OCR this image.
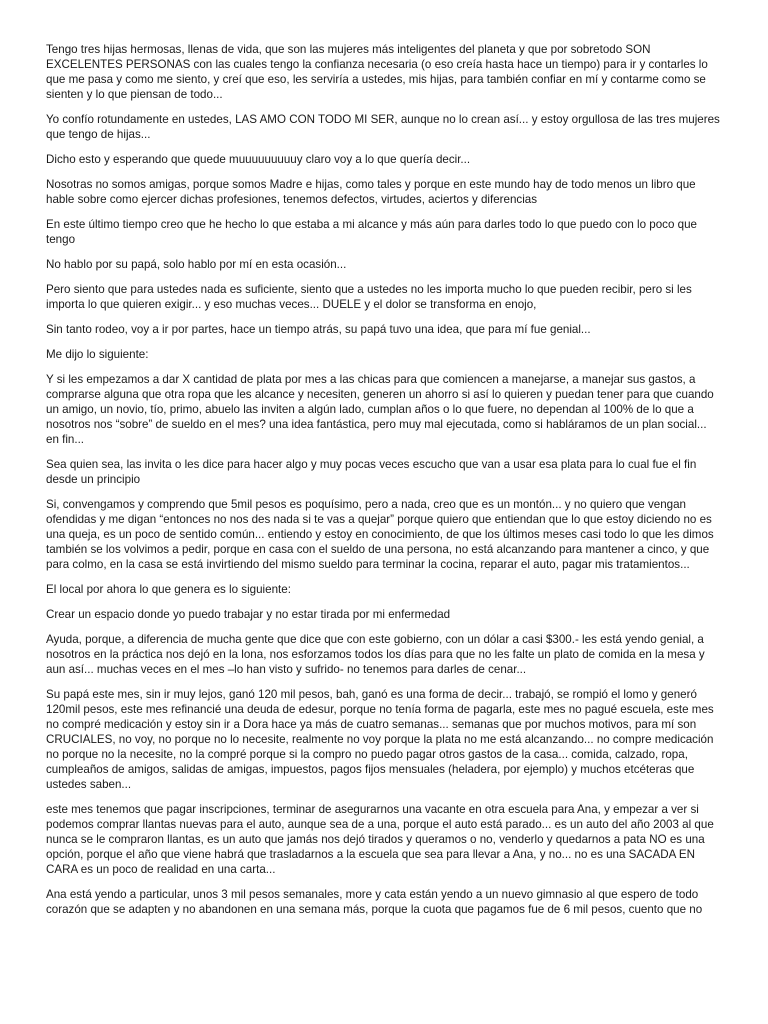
Tengo tres hijas hermosas, llenas de vida, que son las mujeres más inteligentes del planeta y que por sobretodo SON EXCELENTES PERSONAS con las cuales tengo la confianza necesaria (o eso creía hasta hace un tiempo) para ir y contarles lo que me pasa y como me siento, y creí que eso, les serviría a ustedes, mis hijas, para también confiar en mí y contarme como se sienten y lo que piensan de todo...

Yo confío rotundamente en ustedes, LAS AMO CON TODO MI SER, aunque no lo crean así... y estoy orgullosa de las tres mujeres que tengo de hijas...

Dicho esto y esperando que quede muuuuuuuuuy claro voy a lo que quería decir...

Nosotras no somos amigas, porque somos Madre e hijas, como tales y porque en este mundo hay de todo menos un libro que hable sobre como ejercer dichas profesiones, tenemos defectos, virtudes, aciertos y diferencias

En este último tiempo creo que he hecho lo que estaba a mi alcance y más aún para darles todo lo que puedo con lo poco que tengo

No hablo por su papá, solo hablo por mí en esta ocasión...

Pero siento que para ustedes nada es suficiente, siento que a ustedes no les importa mucho lo que pueden recibir, pero si les importa lo que quieren exigir... y eso muchas veces... DUELE y el dolor se transforma en enojo,

Sin tanto rodeo, voy a ir por partes, hace un tiempo atrás, su papá tuvo una idea, que para mí fue genial...

Me dijo lo siguiente:

Y si les empezamos a dar X cantidad de plata por mes a las chicas para que comiencen a manejarse, a manejar sus gastos, a comprarse alguna que otra ropa que les alcance y necesiten, generen un ahorro si así lo quieren y puedan tener para que cuando un amigo, un novio, tío, primo, abuelo las inviten a algún lado, cumplan años o lo que fuere, no dependan al 100% de lo que a nosotros nos “sobre” de sueldo en el mes? una idea fantástica, pero muy mal ejecutada, como si habláramos de un plan social... en fin...

Sea quien sea, las invita o les dice para hacer algo y muy pocas veces escucho que van a usar esa plata para lo cual fue el fin desde un principio

Si, convengamos y comprendo que 5mil pesos es poquísimo, pero a nada, creo que es un montón... y no quiero que vengan ofendidas y me digan “entonces no nos des nada si te vas a quejar” porque quiero que entiendan que lo que estoy diciendo no es una queja, es un poco de sentido común... entiendo y estoy en conocimiento, de que los últimos meses casi todo lo que les dimos también se los volvimos a pedir, porque en casa con el sueldo de una persona, no está alcanzando para mantener a cinco, y que para colmo, en la casa se está invirtiendo del mismo sueldo para terminar la cocina, reparar el auto, pagar mis tratamientos...

El local por ahora lo que genera es lo siguiente:

Crear un espacio donde yo puedo trabajar y no estar tirada por mi enfermedad

Ayuda, porque, a diferencia de mucha gente que dice que con este gobierno, con un dólar a casi $300.- les está yendo genial, a nosotros en la práctica nos dejó en la lona, nos esforzamos todos los días para que no les falte un plato de comida en la mesa y aun así... muchas veces en el mes –lo han visto y sufrido- no tenemos para darles de cenar...

Su papá este mes, sin ir muy lejos, ganó 120 mil pesos, bah, ganó es una forma de decir... trabajó, se rompió el lomo y generó 120mil pesos, este mes refinancié una deuda de edesur, porque no tenía forma de pagarla, este mes no pagué escuela, este mes no compré medicación y estoy sin ir a Dora hace ya más de cuatro semanas... semanas que por muchos motivos, para mí son CRUCIALES, no voy, no porque no lo necesite, realmente no voy porque la plata no me está alcanzando... no compre medicación no porque no la necesite, no la compré porque si la compro no puedo pagar otros gastos de la casa... comida, calzado, ropa, cumpleaños de amigos, salidas de amigas, impuestos, pagos fijos mensuales (heladera, por ejemplo) y muchos etcéteras que ustedes saben...

este mes tenemos que pagar inscripciones, terminar de asegurarnos una vacante en otra escuela para Ana, y empezar a ver si podemos comprar llantas nuevas para el auto, aunque sea de a una, porque el auto está parado... es un auto del año 2003 al que nunca se le compraron llantas, es un auto que jamás nos dejó tirados y queramos o no, venderlo y quedarnos a pata NO es una opción, porque el año que viene habrá que trasladarnos a la escuela que sea para llevar a Ana, y no... no es una SACADA EN CARA es un poco de realidad en una carta...

Ana está yendo a particular, unos 3 mil pesos semanales, more y cata están yendo a un nuevo gimnasio al que espero de todo corazón que se adapten y no abandonen en una semana más, porque la cuota que pagamos fue de 6 mil pesos, cuento que no
